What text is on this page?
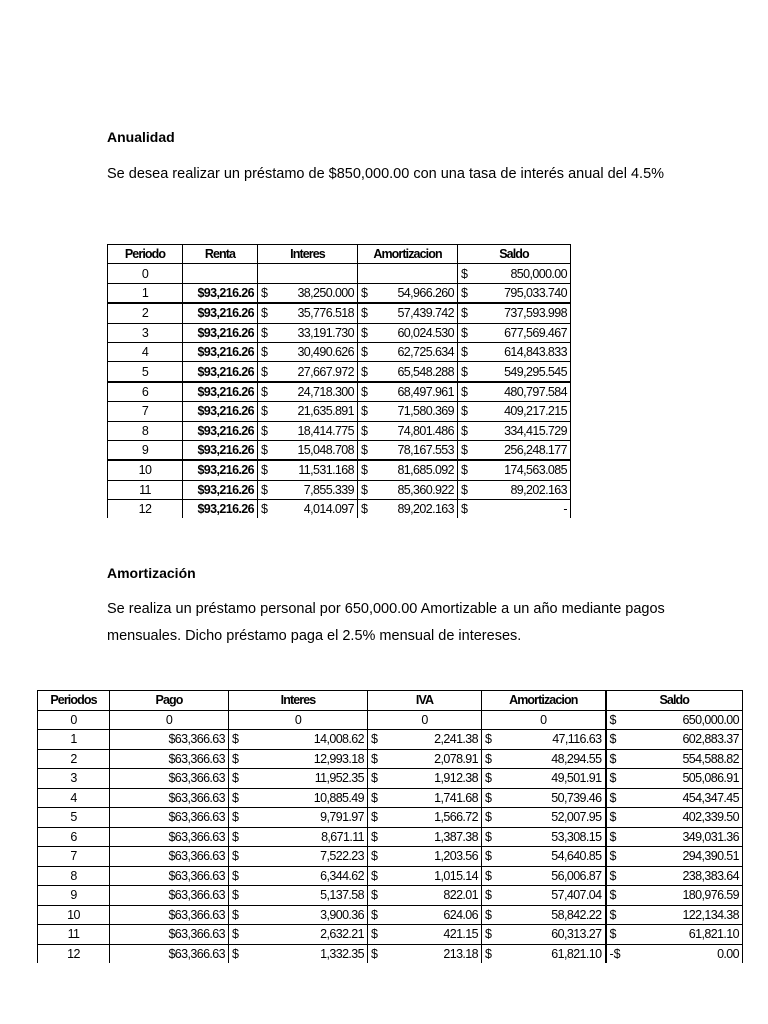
Anualidad
Se desea realizar un préstamo de $850,000.00 con una tasa de interés anual del 4.5%
Periodo	Renta	Interes	Amortizacion	Saldo
0				$ 850,000.00

1	$93,216.26	$ 38,250.000	$ 54,966.260	$ 795,033.740

2	$93,216.26	$ 35,776.518	$ 57,439.742	$ 737,593.998

3	$93,216.26	$ 33,191.730	$ 60,024.530	$ 677,569.467

4	$93,216.26	$ 30,490.626	$ 62,725.634	$ 614,843.833

5	$93,216.26	$ 27,667.972	$ 65,548.288	$ 549,295.545

6	$93,216.26	$ 24,718.300	$ 68,497.961	$ 480,797.584

7	$93,216.26	$ 21,635.891	$ 71,580.369	$ 409,217.215

8	$93,216.26	$ 18,414.775	$ 74,801.486	$ 334,415.729

9	$93,216.26	$ 15,048.708	$ 78,167.553	$ 256,248.177

10	$93,216.26	$ 11,531.168	$ 81,685.092	$ 174,563.085

11	$93,216.26	$ 7,855.339	$ 85,360.922	$ 89,202.163

12	$93,216.26	$ 4,014.097	$ 89,202.163	$ -
Amortización
Se realiza un préstamo personal por 650,000.00 Amortizable a un año mediante pagos mensuales. Dicho préstamo paga el 2.5% mensual de intereses.
Periodos	Pago	Interes	IVA	Amortizacion	Saldo
0	0	0	0	0	$ 650,000.00

1	$63,366.63	$ 14,008.62	$ 2,241.38	$ 47,116.63	$ 602,883.37

2	$63,366.63	$ 12,993.18	$ 2,078.91	$ 48,294.55	$ 554,588.82

3	$63,366.63	$ 11,952.35	$ 1,912.38	$ 49,501.91	$ 505,086.91

4	$63,366.63	$ 10,885.49	$ 1,741.68	$ 50,739.46	$ 454,347.45

5	$63,366.63	$ 9,791.97	$ 1,566.72	$ 52,007.95	$ 402,339.50

6	$63,366.63	$ 8,671.11	$ 1,387.38	$ 53,308.15	$ 349,031.36

7	$63,366.63	$ 7,522.23	$ 1,203.56	$ 54,640.85	$ 294,390.51

8	$63,366.63	$ 6,344.62	$ 1,015.14	$ 56,006.87	$ 238,383.64

9	$63,366.63	$ 5,137.58	$ 822.01	$ 57,407.04	$ 180,976.59

10	$63,366.63	$ 3,900.36	$ 624.06	$ 58,842.22	$ 122,134.38

11	$63,366.63	$ 2,632.21	$ 421.15	$ 60,313.27	$ 61,821.10

12	$63,366.63	$ 1,332.35	$ 213.18	$ 61,821.10	-$ 0.00
